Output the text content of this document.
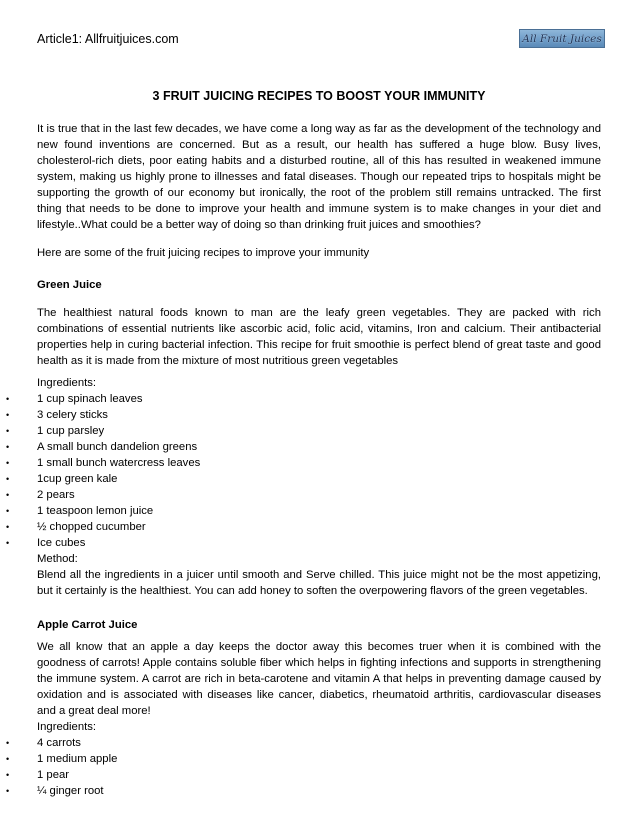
Article1: Allfruitjuices.com	All Fruit Juices
3 FRUIT JUICING RECIPES TO BOOST YOUR IMMUNITY

It is true that in the last few decades, we have come a long way as far as the development of the technology and new found inventions are concerned. But as a result, our health has suffered a huge blow. Busy lives, cholesterol-rich diets, poor eating habits and a disturbed routine, all of this has resulted in weakened immune system, making us highly prone to illnesses and fatal diseases. Though our repeated trips to hospitals might be supporting the growth of our economy but ironically, the root of the problem still remains untracked. The first thing that needs to be done to improve your health and immune system is to make changes in your diet and lifestyle..What could be a better way of doing so than drinking fruit juices and smoothies?

Here are some of the fruit juicing recipes to improve your immunity

Green Juice

The healthiest natural foods known to man are the leafy green vegetables. They are packed with rich combinations of essential nutrients like ascorbic acid, folic acid, vitamins, Iron and calcium. Their antibacterial properties help in curing bacterial infection. This recipe for fruit smoothie is perfect blend of great taste and good health as it is made from the mixture of most nutritious green vegetables

Ingredients:

• 1 cup spinach leaves
• 3 celery sticks
• 1 cup parsley
• A small bunch dandelion greens
• 1 small bunch watercress leaves
• 1cup green kale
• 2 pears
• 1 teaspoon lemon juice
• ½ chopped cucumber
• Ice cubes

Method:

Blend all the ingredients in a juicer until smooth and Serve chilled. This juice might not be the most appetizing, but it certainly is the healthiest. You can add honey to soften the overpowering flavors of the green vegetables.

Apple Carrot Juice

We all know that an apple a day keeps the doctor away this becomes truer when it is combined with the goodness of carrots! Apple contains soluble fiber which helps in fighting infections and supports in strengthening the immune system. A carrot are rich in beta-carotene and vitamin A that helps in preventing damage caused by oxidation and is associated with diseases like cancer, diabetics, rheumatoid arthritis, cardiovascular diseases and a great deal more!

Ingredients:

• 4 carrots
• 1 medium apple
• 1 pear
• ¼ ginger root
